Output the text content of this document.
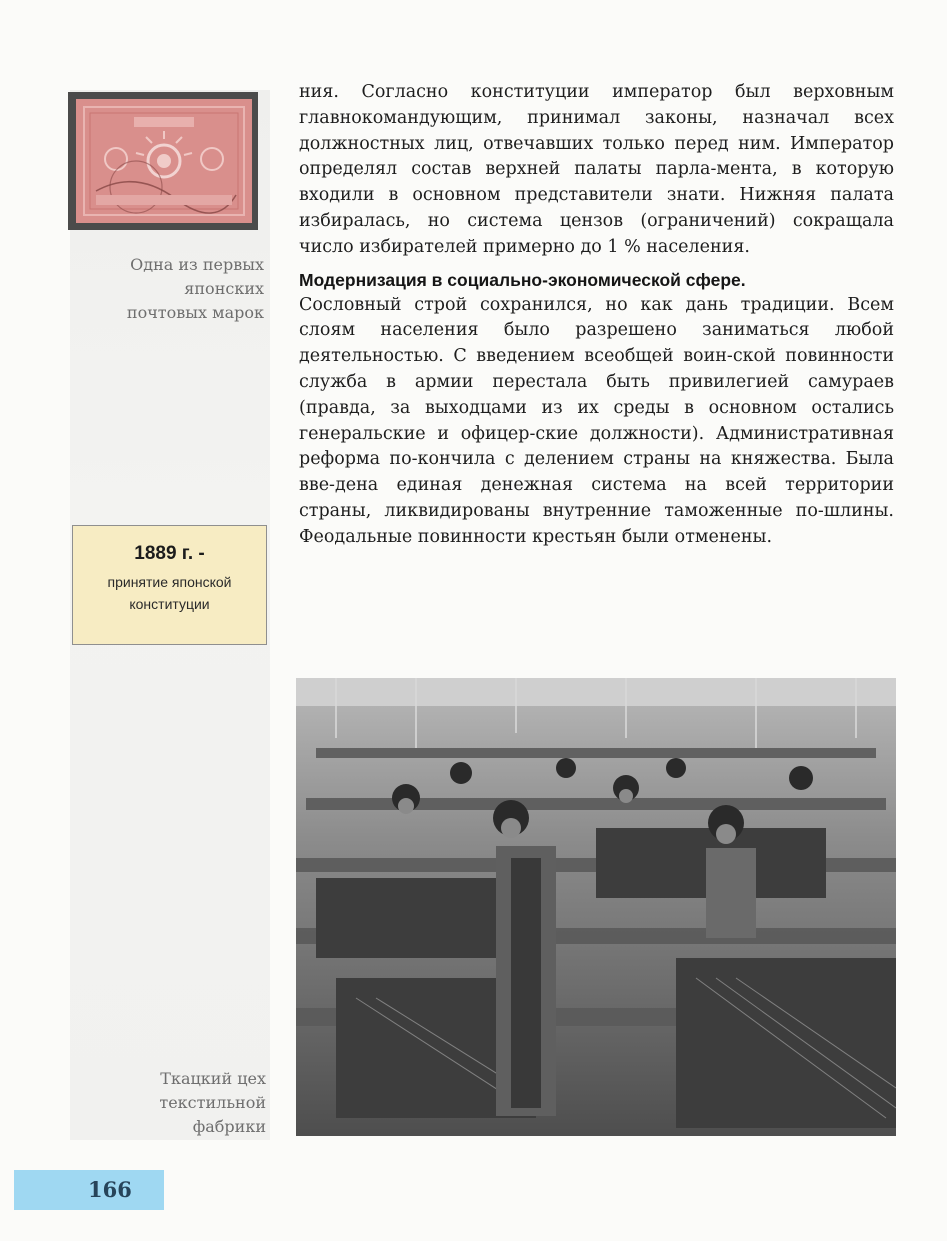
Одна из первых
японских
почтовых марок
1889 г. -
принятие японской
конституции

ния. Согласно конституции император был верховным главнокомандующим, принимал законы, назначал всех должностных лиц, отвечавших только перед ним. Император определял состав верхней палаты парла-мента, в которую входили в основном представители знати. Нижняя палата избиралась, но система цензов (ограничений) сокращала число избирателей примерно до 1 % населения.

Модернизация в социально-экономической сфере.

Сословный строй сохранился, но как дань традиции. Всем слоям населения было разрешено заниматься любой деятельностью. С введением всеобщей воин-ской повинности служба в армии перестала быть привилегией самураев (правда, за выходцами из их среды в основном остались генеральские и офицер-ские должности). Административная реформа по-кончила с делением страны на княжества. Была вве-дена единая денежная система на всей территории страны, ликвидированы внутренние таможенные по-шлины. Феодальные повинности крестьян были отменены.

Ткацкий цех
текстильной
фабрики
166
